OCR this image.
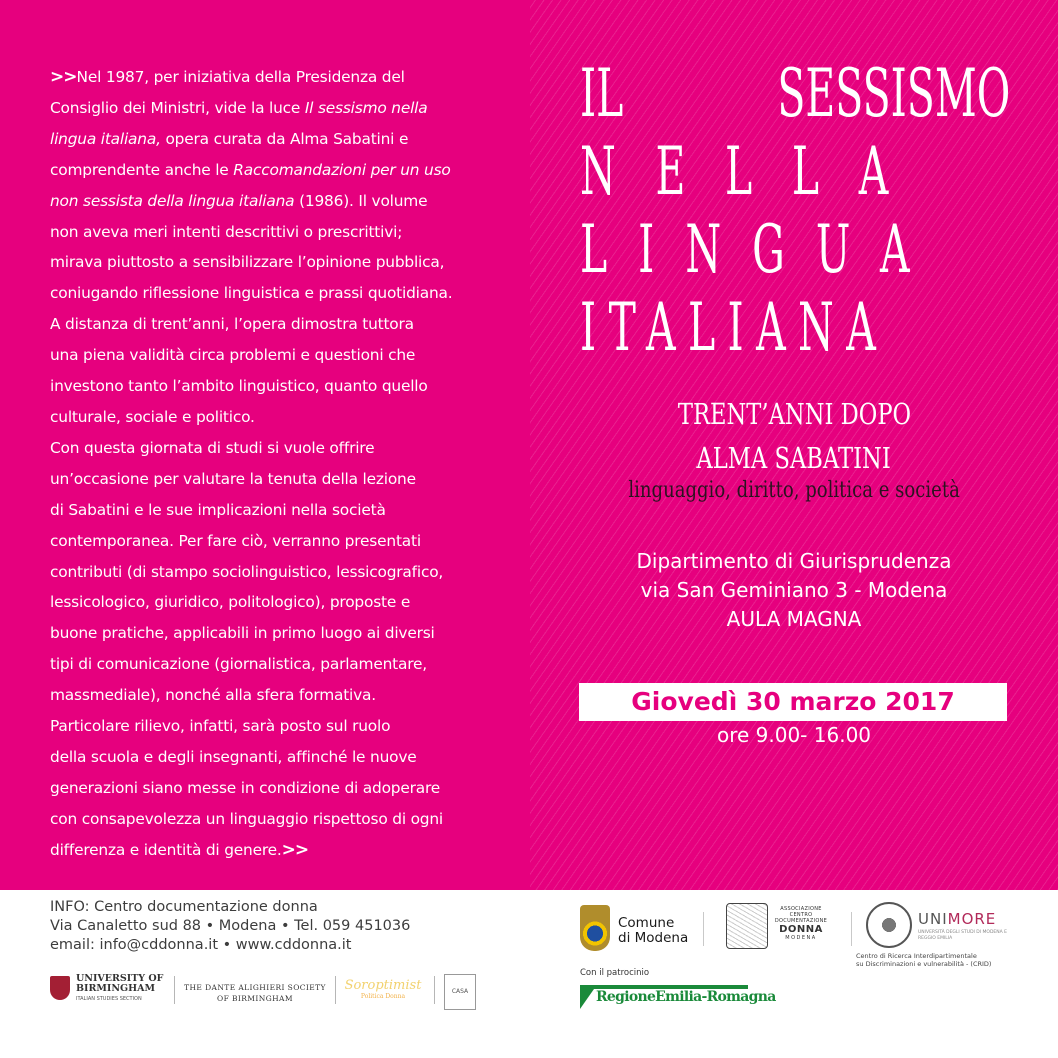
>>Nel 1987, per iniziativa della Presidenza del
Consiglio dei Ministri, vide la luce Il sessismo nella
lingua italiana, opera curata da Alma Sabatini e
comprendente anche le Raccomandazioni per un uso
non sessista della lingua italiana (1986). Il volume
non aveva meri intenti descrittivi o prescrittivi;
mirava piuttosto a sensibilizzare l’opinione pubblica,
coniugando riflessione linguistica e prassi quotidiana.
A distanza di trent’anni, l’opera dimostra tuttora
una piena validità circa problemi e questioni che
investono tanto l’ambito linguistico, quanto quello
culturale, sociale e politico.
Con questa giornata di studi si vuole offrire
un’occasione per valutare la tenuta della lezione
di Sabatini e le sue implicazioni nella società
contemporanea. Per fare ciò, verranno presentati
contributi (di stampo sociolinguistico, lessicografico,
lessicologico, giuridico, politologico), proposte e
buone pratiche, applicabili in primo luogo ai diversi
tipi di comunicazione (giornalistica, parlamentare,
massmediale), nonché alla sfera formativa.
Particolare rilievo, infatti, sarà posto sul ruolo
della scuola e degli insegnanti, affinché le nuove
generazioni siano messe in condizione di adoperare
con consapevolezza un linguaggio rispettoso di ogni
differenza e identità di genere.>>
IL SESSISMO
NELLA
LINGUA
ITALIANA
TRENT’ANNI DOPO
ALMA SABATINI
linguaggio, diritto, politica e società
Dipartimento di Giurisprudenza
via San Geminiano 3 - Modena
AULA MAGNA
Giovedì 30 marzo 2017
ore 9.00- 16.00
INFO: Centro documentazione donna
Via Canaletto sud 88 • Modena • Tel. 059 451036
email: info@cddonna.it • www.cddonna.it
UNIVERSITY OF BIRMINGHAM
ITALIAN STUDIES SECTION
THE DANTE ALIGHIERI SOCIETY
OF BIRMINGHAM
Soroptimist
Politica Donna
CASA
Comune
di Modena
ASSOCIAZIONE CENTRO DOCUMENTAZIONE
DONNA
MODENA
UNIMORE
UNIVERSITÀ DEGLI STUDI DI MODENA E REGGIO EMILIA
Centro di Ricerca Interdipartimentale
su Discriminazioni e vulnerabilità - (CRID)
Con il patrocinio
RegioneEmilia-Romagna
